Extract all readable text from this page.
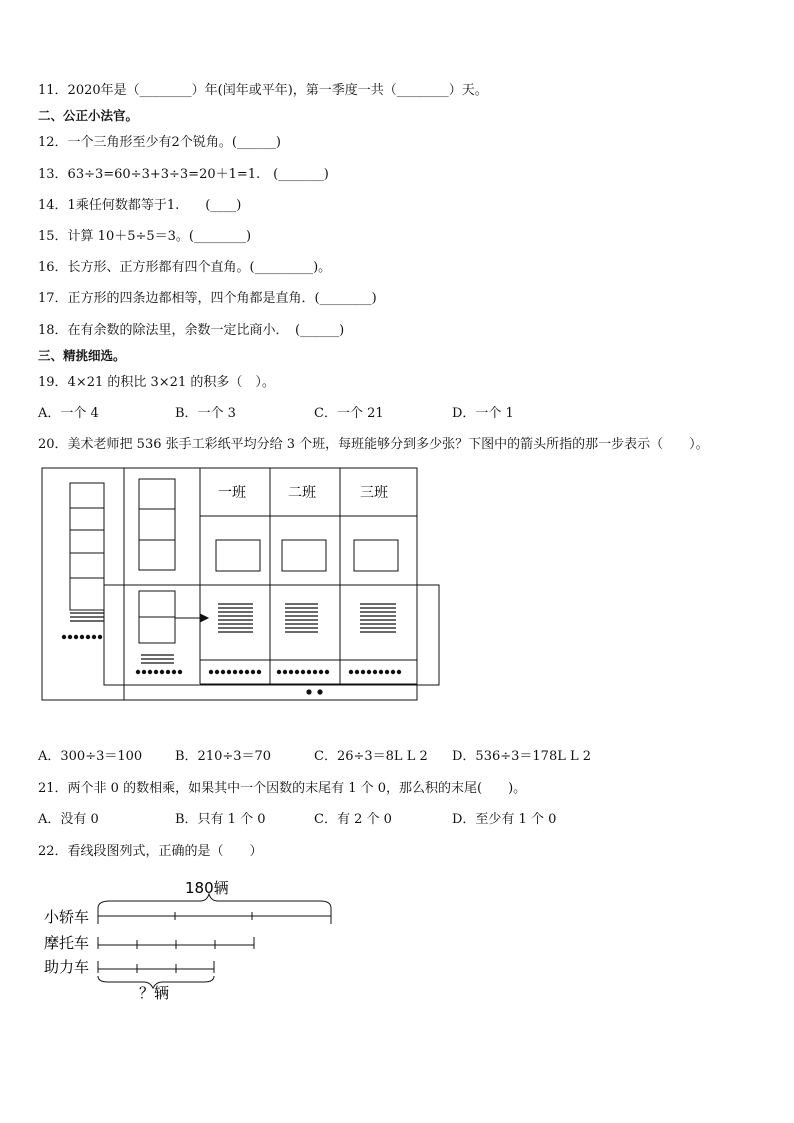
11．2020年是（________）年(闰年或平年)，第一季度一共（________）天。
二、公正小法官。
12．一个三角形至少有2个锐角。(______)
13．63÷3=60÷3+3÷3=20＋1=1.　(_______)
14．1乘任何数都等于1.　　(____)
15．计算 10＋5÷5＝3。(________)
16．长方形、正方形都有四个直角。(_________)。
17．正方形的四条边都相等，四个角都是直角．(________)
18．在有余数的除法里，余数一定比商小．　(______)
三、精挑细选。
19．4×21 的积比 3×21 的积多（　）。
A．一个 4	B．一个 3	C．一个 21	D．一个 1
20．美术老师把 536 张手工彩纸平均分给 3 个班，每班能够分到多少张？下图中的箭头所指的那一步表示（　　）。
一班	二班	三班
A．300÷3＝100	B．210÷3＝70	C．26÷3＝8L L 2 D．536÷3＝178L L 2
21．两个非 0 的数相乘，如果其中一个因数的末尾有 1 个 0，那么积的末尾(　　)。
A．没有 0	B．只有 1 个 0	C．有 2 个 0	D．至少有 1 个 0
22．看线段图列式，正确的是（　　）
180辆
小轿车
摩托车
助力车
？辆
